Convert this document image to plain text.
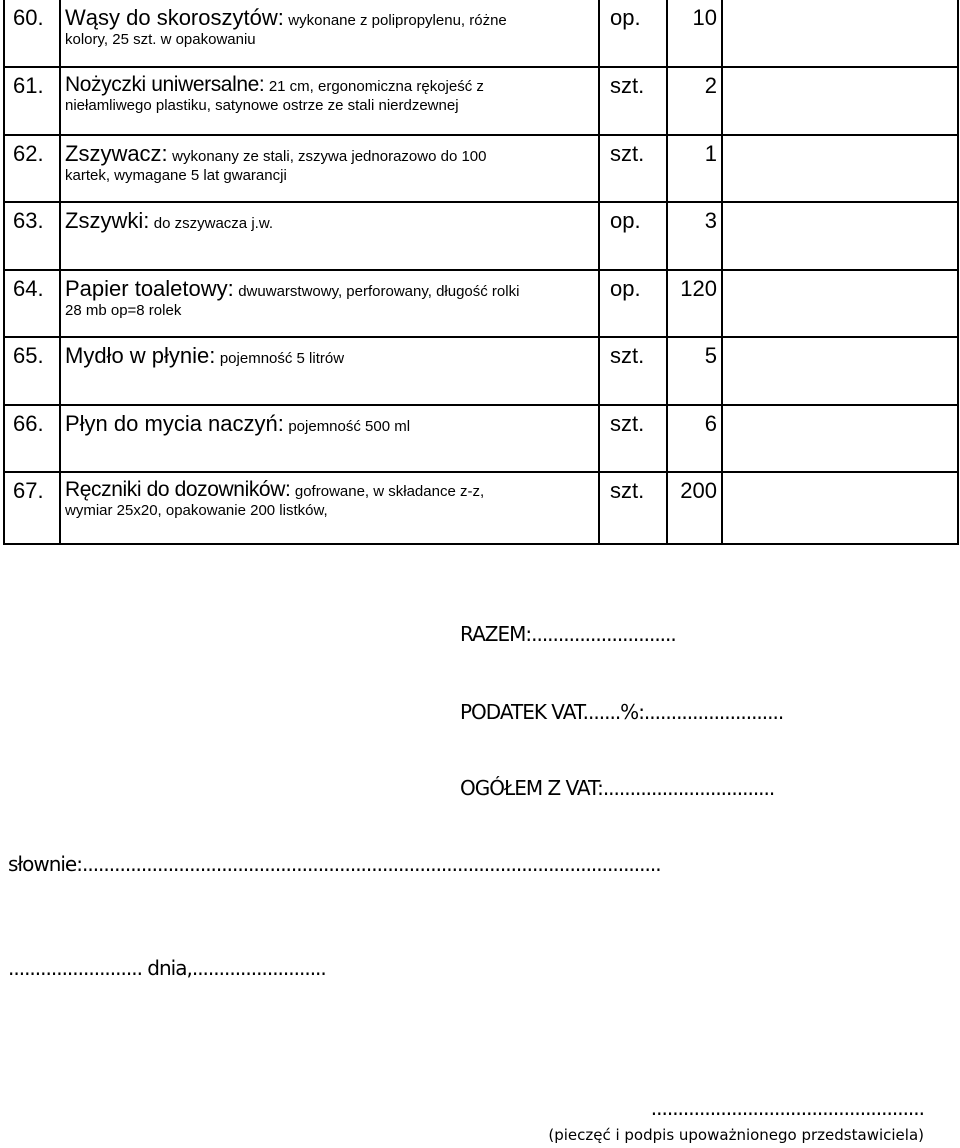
60.	Wąsy do skoroszytów: wykonane z polipropylenu, różne
kolory, 25 szt. w opakowaniu	op.	10	
61.	Nożyczki uniwersalne: 21 cm, ergonomiczna rękojeść z
niełamliwego plastiku, satynowe ostrze ze stali nierdzewnej	szt.	2	
62.	Zszywacz: wykonany ze stali, zszywa jednorazowo do 100
kartek, wymagane 5 lat gwarancji	szt.	1	
63.	Zszywki: do zszywacza j.w.	op.	3	
64.	Papier toaletowy: dwuwarstwowy, perforowany, długość rolki
28 mb op=8 rolek	op.	120	
65.	Mydło w płynie: pojemność 5 litrów	szt.	5	
66.	Płyn do mycia naczyń: pojemność 500 ml	szt.	6	
67.	Ręczniki do dozowników: gofrowane, w składance z-z,
wymiar 25x20, opakowanie 200 listków,	szt.	200	
RAZEM:...........................
PODATEK VAT.......%:..........................
OGÓŁEM Z VAT:................................
słownie:............................................................................................................
......................... dnia,.........................
...................................................
(pieczęć i podpis upoważnionego przedstawiciela)
